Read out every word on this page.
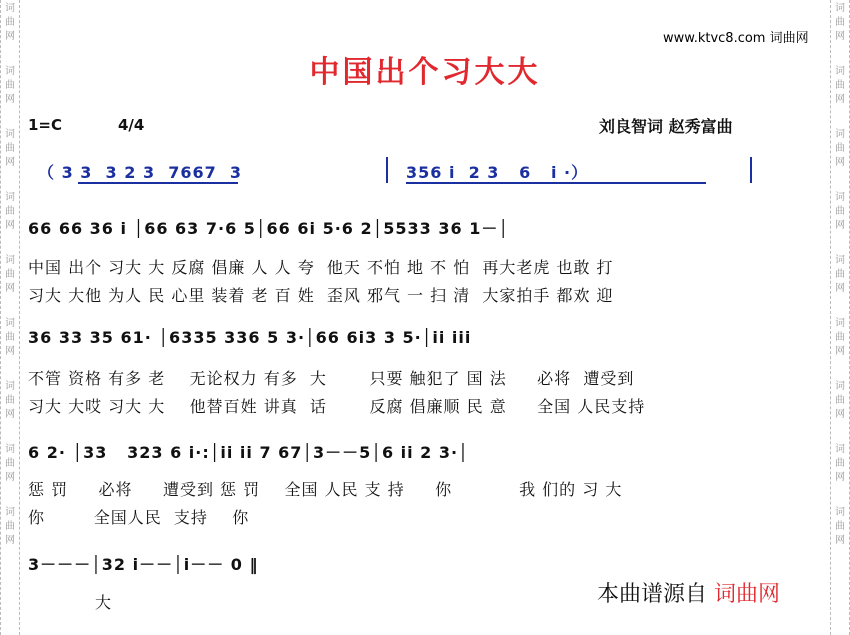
词
曲
网
词
曲
网
词
曲
网
词
曲
网
词
曲
网
词
曲
网
词
曲
网
词
曲
网
词
曲
网
词
曲
网
词
曲
网
词
曲
网
词
曲
网
词
曲
网
词
曲
网
词
曲
网
词
曲
网
词
曲
网
www.ktvc8.com 词曲网
中国出个习大大
1=C	4/4	刘良智词 赵秀富曲
（ 3 3  3 2 3  7667  3	356 i  2 3   6   i ·）
66 66 36 i │66 63 7·6 5│66 6i 5·6 2│5533 36 1－│
中国 出个 习大 大 反腐 倡廉 人 人 夸  他天 不怕 地 不 怕  再大老虎 也敢 打
习大 大他 为人 民 心里 装着 老 百 姓  歪风 邪气 一 扫 清  大家拍手 都欢 迎
36 33 35 61· │6335 336 5 3·│66 6i3 3 5·│ii iii
不管 资格 有多 老    无论权力 有多  大       只要 触犯了 国 法     必将  遭受到
习大 大哎 习大 大    他替百姓 讲真  话       反腐 倡廉顺 民 意     全国 人民支持
6 2· │33   323 6 i·:│ii ii 7 67│3－－5│6 ii 2 3·│
惩 罚     必将     遭受到 惩 罚    全国 人民 支 持     你           我 们的 习 大
你        全国人民  支持    你
3－－－│32 i－－│i－－ 0 ‖
大	本曲谱源自 词曲网
